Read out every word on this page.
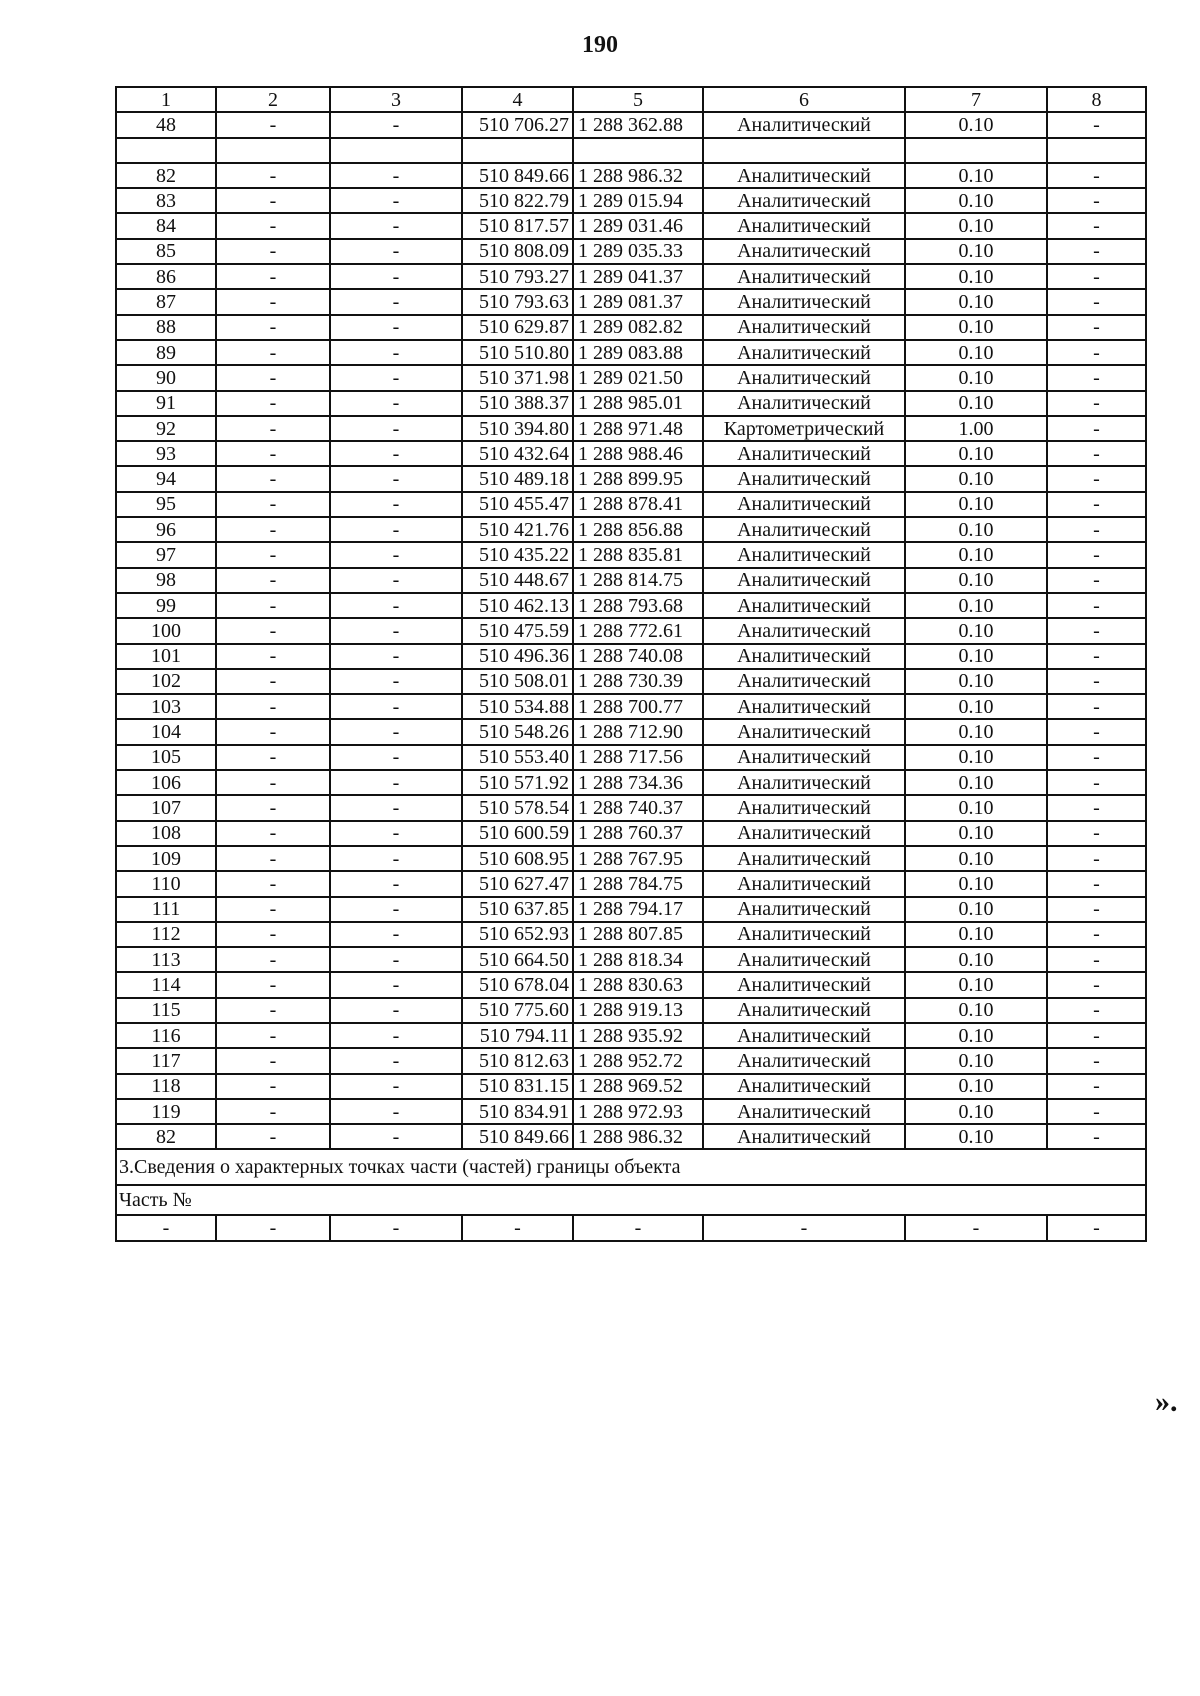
190
1	2	3	4	5	6	7	8
48	-	-	510 706.27	1 288 362.88	Аналитический	0.10	-

82	-	-	510 849.66	1 288 986.32	Аналитический	0.10	-
83	-	-	510 822.79	1 289 015.94	Аналитический	0.10	-
84	-	-	510 817.57	1 289 031.46	Аналитический	0.10	-
85	-	-	510 808.09	1 289 035.33	Аналитический	0.10	-
86	-	-	510 793.27	1 289 041.37	Аналитический	0.10	-
87	-	-	510 793.63	1 289 081.37	Аналитический	0.10	-
88	-	-	510 629.87	1 289 082.82	Аналитический	0.10	-
89	-	-	510 510.80	1 289 083.88	Аналитический	0.10	-
90	-	-	510 371.98	1 289 021.50	Аналитический	0.10	-
91	-	-	510 388.37	1 288 985.01	Аналитический	0.10	-
92	-	-	510 394.80	1 288 971.48	Картометрический	1.00	-
93	-	-	510 432.64	1 288 988.46	Аналитический	0.10	-
94	-	-	510 489.18	1 288 899.95	Аналитический	0.10	-
95	-	-	510 455.47	1 288 878.41	Аналитический	0.10	-
96	-	-	510 421.76	1 288 856.88	Аналитический	0.10	-
97	-	-	510 435.22	1 288 835.81	Аналитический	0.10	-
98	-	-	510 448.67	1 288 814.75	Аналитический	0.10	-
99	-	-	510 462.13	1 288 793.68	Аналитический	0.10	-
100	-	-	510 475.59	1 288 772.61	Аналитический	0.10	-
101	-	-	510 496.36	1 288 740.08	Аналитический	0.10	-
102	-	-	510 508.01	1 288 730.39	Аналитический	0.10	-
103	-	-	510 534.88	1 288 700.77	Аналитический	0.10	-
104	-	-	510 548.26	1 288 712.90	Аналитический	0.10	-
105	-	-	510 553.40	1 288 717.56	Аналитический	0.10	-
106	-	-	510 571.92	1 288 734.36	Аналитический	0.10	-
107	-	-	510 578.54	1 288 740.37	Аналитический	0.10	-
108	-	-	510 600.59	1 288 760.37	Аналитический	0.10	-
109	-	-	510 608.95	1 288 767.95	Аналитический	0.10	-
110	-	-	510 627.47	1 288 784.75	Аналитический	0.10	-
111	-	-	510 637.85	1 288 794.17	Аналитический	0.10	-
112	-	-	510 652.93	1 288 807.85	Аналитический	0.10	-
113	-	-	510 664.50	1 288 818.34	Аналитический	0.10	-
114	-	-	510 678.04	1 288 830.63	Аналитический	0.10	-
115	-	-	510 775.60	1 288 919.13	Аналитический	0.10	-
116	-	-	510 794.11	1 288 935.92	Аналитический	0.10	-
117	-	-	510 812.63	1 288 952.72	Аналитический	0.10	-
118	-	-	510 831.15	1 288 969.52	Аналитический	0.10	-
119	-	-	510 834.91	1 288 972.93	Аналитический	0.10	-
82	-	-	510 849.66	1 288 986.32	Аналитический	0.10	-
3.Сведения о характерных точках части (частей) границы объекта							
Часть №							
-	-	-	-	-	-	-	-
».
